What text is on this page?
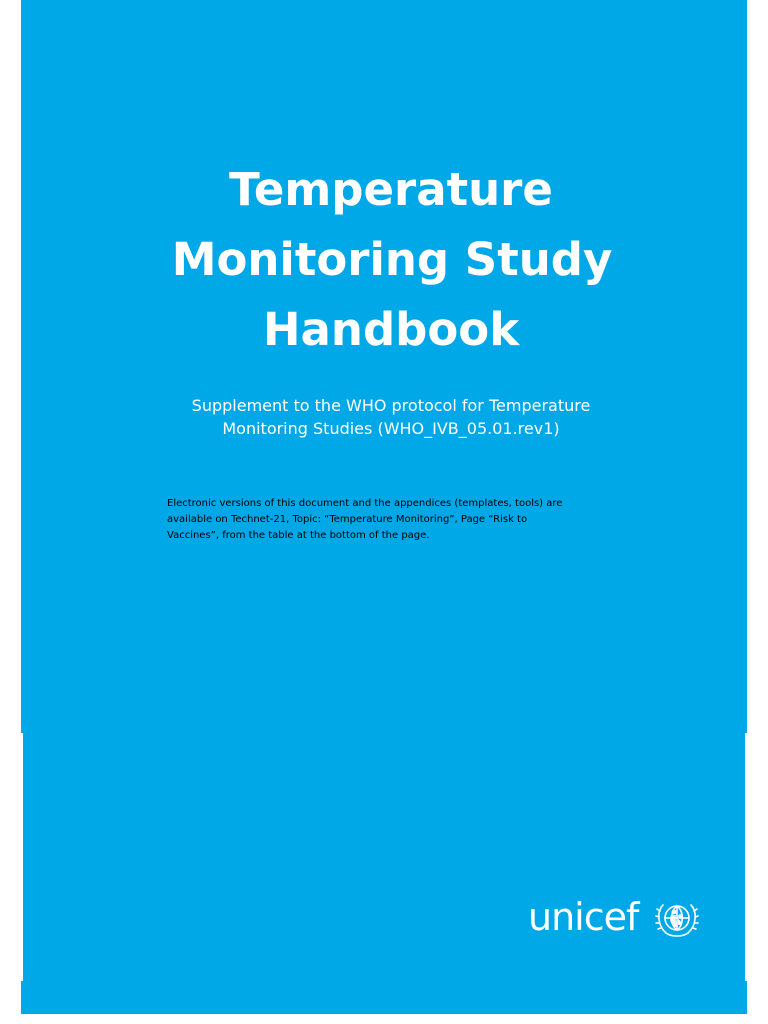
Temperature
Monitoring Study
Handbook

Supplement to the WHO protocol for Temperature
Monitoring Studies (WHO_IVB_05.01.rev1)

Electronic versions of this document and the appendices (templates, tools) are
available on Technet-21, Topic: “Temperature Monitoring”, Page “Risk to
Vaccines”, from the table at the bottom of the page.

unicef
